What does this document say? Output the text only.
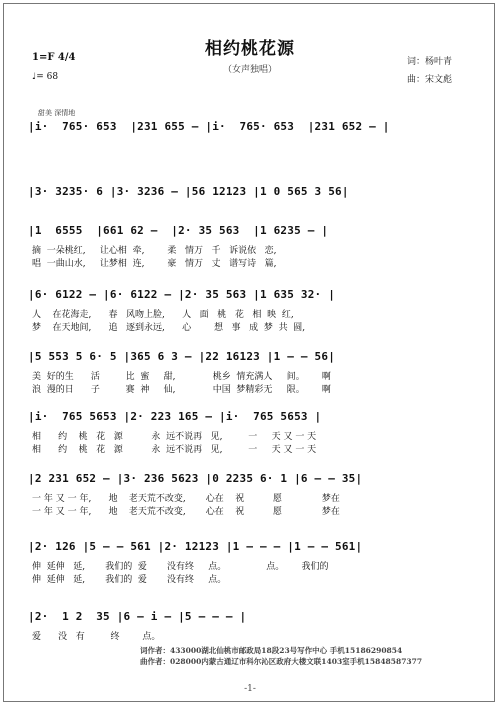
相约桃花源
（女声独唱）
词：杨叶青
曲：宋文彪
1=F 4/4
♩= 68
甜美 深情地
|i·  765· 653  |231 655 – |i·  765· 653  |231 652 – |
|3· 3235· 6 |3· 3236 – |56 12123 |1 0 565 3 56|
|1  6555  |661 62 –  |2· 35 563  |1 6235 – |
摘  一朵桃红,     让心相  牵,        柔   情万   千   诉说依   恋,
唱  一曲山水,     让梦相  连,        豪   情万   丈   谱写诗   篇,
|6· 6122 – |6· 6122 – |2· 35 563 |1 635 32· |
人    在花海走,      春   风吻上脸,      人   面   桃   花   相  映  红,
梦    在天地间,      追   逐到永远,      心        想   事   成  梦  共  圆,
|5 553 5 6· 5 |365 6 3 – |22 16123 |1 – – 56|
美  好的生      活         比  蜜     甜,             桃乡  情充满人     间。      啊
浪  漫的日      子         赛  神     仙,             中国  梦精彩无     限。      啊
|i·  765 5653 |2· 223 165 – |i·  765 5653 |
相      约    桃   花   源          永  远不说再   见,         一     天 又 一 天
相      约    桃   花   源          永  远不说再   见,         一     天 又 一 天
|2 231 652 – |3· 236 5623 |0 2235 6· 1 |6 – – 35|
一 年 又 一 年,      地    老天荒不改变,       心在    祝          愿              梦在
一 年 又 一 年,      地    老天荒不改变,       心在    祝          愿              梦在
|2· 126 |5 – – 561 |2· 12123 |1 – – – |1 – – 561|
伸  延伸   延,       我们的  爱       没有终     点。              点。      我们的
伸  延伸   延,       我们的  爱       没有终     点。
|2·  1 2  35 |6 – i – |5 – – – |
爱      没   有         终        点。
词作者：433000湖北仙桃市邮政局18段23号写作中心 手机15186290854
曲作者：028000内蒙古通辽市科尔沁区政府大楼文联1403室手机15848587377
-1-
